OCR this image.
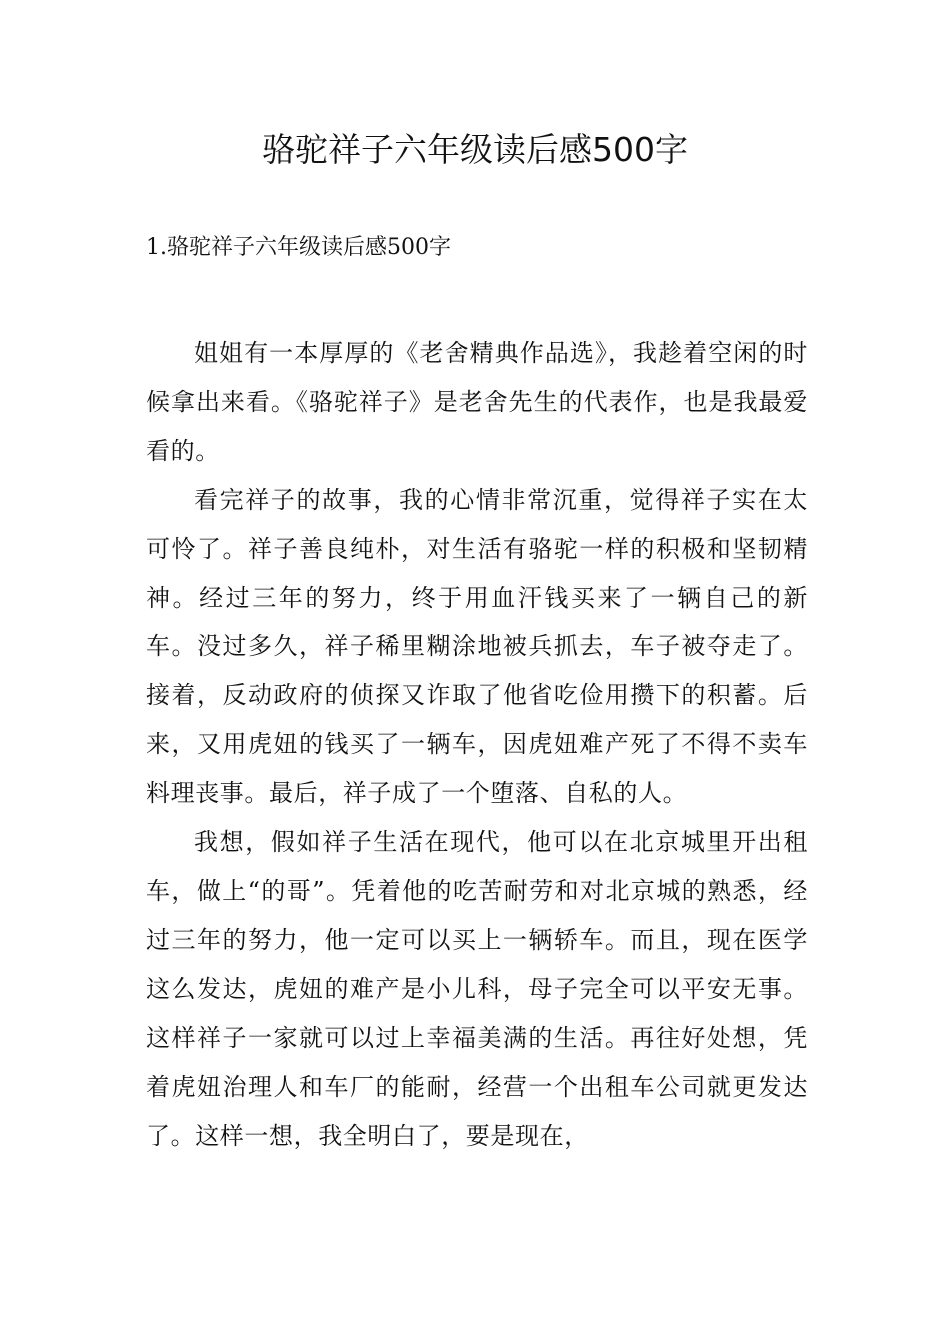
骆驼祥子六年级读后感500字
1.骆驼祥子六年级读后感500字

姐姐有一本厚厚的《老舍精典作品选》，我趁着空闲的时候拿出来看。《骆驼祥子》是老舍先生的代表作，也是我最爱看的。

看完祥子的故事，我的心情非常沉重，觉得祥子实在太可怜了。祥子善良纯朴，对生活有骆驼一样的积极和坚韧精神。经过三年的努力，终于用血汗钱买来了一辆自己的新车。没过多久，祥子稀里糊涂地被兵抓去，车子被夺走了。接着，反动政府的侦探又诈取了他省吃俭用攒下的积蓄。后来，又用虎妞的钱买了一辆车，因虎妞难产死了不得不卖车料理丧事。最后，祥子成了一个堕落、自私的人。

我想，假如祥子生活在现代，他可以在北京城里开出租车，做上“的哥”。凭着他的吃苦耐劳和对北京城的熟悉，经过三年的努力，他一定可以买上一辆轿车。而且，现在医学这么发达，虎妞的难产是小儿科，母子完全可以平安无事。这样祥子一家就可以过上幸福美满的生活。再往好处想，凭着虎妞治理人和车厂的能耐，经营一个出租车公司就更发达了。这样一想，我全明白了，要是现在，
